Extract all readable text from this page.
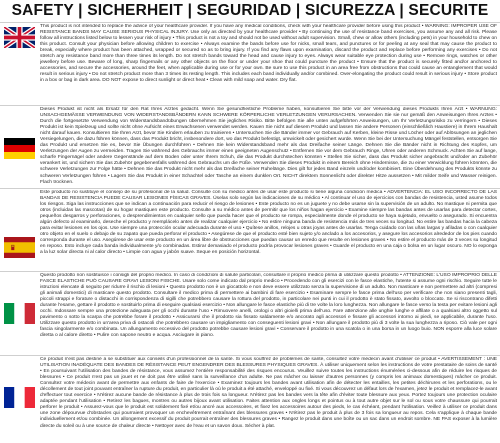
SAFETY | SICHERHEIT | SEGURIDAD | SICUREZZA | SECURITE
This product is not intended to replace the advice of your healthcare provider. If you have any medical conditions, check with your healthcare provider before using this product • WARNING: IMPROPER USE OF RESISTANCE BANDS MAY CAUSE SERIOUS PHYSICAL INJURY. Use only as directed by your healthcare provider • By continuing the use of resistance band exercises, you assume any and all risk. Please follow all instructions listed below to lessen your risk of injury • This product is not a toy and should not be used without adult supervision. Small, chew or allow others (including pets) in your household to chew on this product. Consult your physician before allowing children to exercise • Always examine the bands before use for nicks, small tears, and punctures or for peeling at any seal that may cause the product to break, especially where product has been attached, wrapped or secured so as to bring injury. If you find any flaws upon examination, discard the product and replace before performing any exercises • Do not stretch any resistance band more than three times its length. Do not stretch bands toward the head and cause injury to eyes. Always wear suitable eye protection during use • Remove rings, watches or other jewellery before use. Beware of long, sharp fingernails or any other objects on the floor or under your shoe that could puncture the product • Ensure that the product is securely fitted and/or anchored to accessories, and secure the accessories, around the feet, when applicable during use or for your own. Be sure to use this product in an area free from obstructions that could cause an entanglement that would result in serious injury • Do not stretch product more than 3 times its resting length. This includes each band individually and/or combined. Over-elongating the product could result in serious injury • Store product in a box or bag in dark area. DO NOT expose to direct sunlight or direct heat • Clean with mild soap and water. Dry flat.
Dieses Produkt ist nicht als Ersatz für den Rat Ihres Arztes gedacht. Wenn Sie gesundheitliche Probleme haben, konsultieren Sie bitte vor der Verwendung dieses Produkts Ihren Arzt • WARNUNG: UNSACHGEMÄSSE VERWENDUNG VON WIDERSTANDSBÄNDERN KANN SCHWERE KÖRPERLICHE VERLETZUNGEN VERURSACHEN. Verwenden Sie sie nur gemäß den Anweisungen Ihres Arztes • Durch die fortgesetzte Verwendung von Widerstandsbandübungen übernehmen Sie jegliches Risiko. Bitte befolgen Sie alle unten aufgeführten Anweisungen, um Ihr Verletzungsrisiko zu verringern • Dieses Produkt ist kein Spielzeug und sollte nicht ohne Aufsicht eines Erwachsenen verwendet werden. Kauen Sie nicht auf diesem Produkt und lassen Sie andere Personen (einschließlich Haustiere) in Ihrem Haushalt nicht darauf kauen. Konsultieren Sie Ihren Arzt, bevor Sie Kindern erlauben zu trainieren • Untersuchen Sie die Bänder immer vor Gebrauch auf Kerben, kleine Risse und Löcher oder auf Ablösungen an jeglichen Versiegelungen, die dazu führen können, dass das Produkt bricht, insbesondere dort, wo das Produkt befestigt, umwickelt oder gesichert wurde. Wenn Sie bei der Untersuchung Mängel feststellen, entsorgen Sie das Produkt und ersetzen Sie es, bevor Sie Übungen durchführen • Dehnen Sie kein Widerstandsband mehr als das Dreifache seiner Länge. Dehnen Sie die Bänder nicht in Richtung des Kopfes, um Verletzungen der Augen zu vermeiden. Tragen Sie während des Gebrauchs immer einen geeigneten Augenschutz • Entfernen Sie vor dem Gebrauch Ringe, Uhren oder anderen Schmuck. Achten Sie auf lange, scharfe Fingernägel oder andere Gegenstände auf dem Boden oder unter Ihrem Schuh, die das Produkt durchstechen könnten • Stellen Sie sicher, dass das Produkt sicher angebracht und/oder an Zubehör verankert ist, und sichern Sie das Zubehör gegebenenfalls während des Gebrauchs um die Füße. Verwenden Sie dieses Produkt in einem Bereich ohne Hindernisse, die zu einer Verwicklung führen könnten, die schwere Verletzungen zur Folge hätte • Dehnen Sie das Produkt nicht mehr als das Dreifache seiner Ruhelänge. Dies gilt für jedes Band einzeln und/oder kombiniert. Eine Überdehnung des Produkts könnte zu schweren Verletzungen führen • Lagern Sie das Produkt in einer Schachtel oder Tasche an einem dunklen Ort. NICHT direktem Sonnenlicht oder direkter Hitze aussetzen • Mit milder Seife und Wasser reinigen. Flach trocknen.
Este producto no sustituye el consejo de su profesional de la salud. Consulte con su médico antes de usar este producto si tiene alguna condición médica • ADVERTENCIA: EL USO INCORRECTO DE LAS BANDAS DE RESISTENCIA PUEDE CAUSAR LESIONES FÍSICAS GRAVES. Úselas solo según las indicaciones de su médico • Al continuar el uso de ejercicios con bandas de resistencia, usted asume todos los riesgos. Siga las instrucciones que se indican a continuación para reducir el riesgo de lesiones • Este producto no es un juguete y no debe usarse sin la supervisión de un adulto. No mastique ni permita que otros (incluidas las mascotas) de su hogar mastiquen este producto. Consulte a su médico antes de permitir que los niños hagan ejercicio • Examine siempre las bandas antes de usarlas para detectar cortes, pequeños desgarros y perforaciones, o desprendimientos en cualquier sello que pueda hacer que el producto se rompa, especialmente donde el producto se haya sujetado, envuelto o asegurado. Si encuentra algún defecto al examinarlo, deseche el producto y reemplácelo antes de realizar cualquier ejercicio • No estire ninguna banda de resistencia más de tres veces su longitud. No estire las bandas hacia la cabeza para evitar lesiones en los ojos. Use siempre una protección ocular adecuada durante el uso • Quítese anillos, relojes u otras joyas antes de usarlas. Tenga cuidado con las uñas largas y afiladas o con cualquier otro objeto en el suelo o debajo de su zapato que pueda perforar el producto • Asegúrese de que el producto esté bien sujeto y/o anclado a los accesorios, y asegure los accesorios alrededor de los pies cuando corresponda durante el uso. Asegúrese de usar este producto en un área libre de obstrucciones que puedan causar un enredo que resulte en lesiones graves • No estire el producto más de 3 veces su longitud en reposo. Esto incluye cada banda individualmente y/o combinadas. Estirar demasiado el producto podría provocar lesiones graves • Guarde el producto en una caja o bolsa en un lugar oscuro. NO lo exponga a la luz solar directa ni al calor directo • Limpie con agua y jabón suave. Seque en posición horizontal.
Questo prodotto non sostituisce i consigli del proprio medico. In caso di condizioni di salute particolari, consultare il proprio medico prima di utilizzare questo prodotto • ATTENZIONE: L'USO IMPROPRIO DELLE FASCE ELASTICHE PUÒ CAUSARE GRAVI LESIONI FISICHE. Usare solo come indicato dal proprio medico • Procedendo con gli esercizi con le fasce elastiche, l'utente si assume ogni rischio. Seguire tutte le istruzioni elencate di seguito per ridurre il rischio di lesioni • Questo prodotto non è un giocattolo e non deve essere utilizzato senza la supervisione di un adulto. Non masticare e non permettere ad altri (compresi gli animali domestici) di masticare questo prodotto. Consultare il medico prima di permettere ai bambini di fare esercizio • Esaminare sempre le fasce prima dell'uso per verificare che non siano presenti tagli, piccoli strappi e forature o distacchi in corrispondenza di sigilli che potrebbero causare la rottura del prodotto, in particolare nei punti in cui il prodotto è stato fissato, avvolto o bloccato. Se si riscontrano difetti durante l'esame, gettare il prodotto e sostituirlo prima di eseguire qualsiasi esercizio • Non allungare le fasce elastiche più di tre volte la loro lunghezza. Non allungare le fasce verso la testa per evitare lesioni agli occhi. Indossare sempre una protezione adeguata per gli occhi durante l'uso • Rimuovere anelli, orologi o altri gioielli prima dell'uso. Fare attenzione alle unghie lunghe e affilate o a qualsiasi altro oggetto sul pavimento o sotto la scarpa che potrebbe forare il prodotto • Assicurarsi che il prodotto sia fissato saldamente e/o ancorato agli accessori e fissare gli accessori intorno ai piedi, se applicabile, durante l'uso. Utilizzare questo prodotto in un'area priva di ostacoli che potrebbero causare un impigliamento con conseguenti lesioni gravi • Non allungare il prodotto più di 3 volte la sua lunghezza a riposo. Ciò vale per ogni fascia singolarmente e/o combinata. Un allungamento eccessivo del prodotto potrebbe causare lesioni gravi • Conservare il prodotto in una scatola o in una borsa in un luogo buio. NON esporre alla luce solare diretta o al calore diretto • Pulire con sapone neutro e acqua. Asciugare in piano.
Ce produit n'est pas destiné à se substituer aux conseils d'un professionnel de la santé. Si vous souffrez de problèmes de santé, consultez votre médecin avant d'utiliser ce produit • AVERTISSEMENT : UNE UTILISATION INADÉQUATE DES BANDES DE RÉSISTANCE PEUT ENGENDRER DES BLESSURES PHYSIQUES GRAVES. À utiliser uniquement selon les instructions de votre prestataire de soins de santé • En poursuivant l'utilisation des bandes de résistance, vous assumez l'entière responsabilité des risques encourus. Veuillez suivre toutes les instructions énumérées ci-dessous afin de réduire les risques de blessures • Ce produit n'est pas un jouet et ne doit pas être utilisé sans la surveillance d'un adulte. Ne pas mâcher ou laisser d'autres personnes (y compris les animaux domestiques) mâcher ce produit. Consultez votre médecin avant de permettre aux enfants de faire de l'exercice • Examinez toujours les bandes avant utilisation afin de détecter les entailles, les petites déchirures et les perforations, ou le décollement de tout joint pouvant entraîner la rupture du produit, en particulier là où le produit a été attaché, enveloppé ou fixé. Si vous découvrez un défaut lors de l'examen, jetez le produit et remplacez-le avant d'effectuer tout exercice • N'étirez aucune bande de résistance à plus de trois fois sa longueur. N'étirez pas les bandes vers la tête afin d'éviter toute blessure aux yeux. Portez toujours une protection oculaire adaptée pendant l'utilisation • Retirez les bagues, montres ou autres bijoux avant utilisation. Faites attention aux ongles longs et pointus ou à tout autre objet sur le sol ou sous votre chaussure qui pourrait perforer le produit • Assurez-vous que le produit est solidement fixé et/ou ancré aux accessoires, et fixez les accessoires autour des pieds, le cas échéant, pendant l'utilisation. Veillez à utiliser ce produit dans une zone dépourvue d'obstacles qui pourraient provoquer un enchevêtrement entraînant des blessures graves • N'étirez pas le produit à plus de 3 fois sa longueur au repos. Cela s'applique à chaque bande individuellement et/ou combinée. Un allongement excessif du produit pourrait entraîner des blessures graves • Rangez le produit dans une boîte ou un sac dans un endroit sombre. NE PAS exposer à la lumière directe du soleil ou à une source de chaleur directe • Nettoyer avec de l'eau et un savon doux. Sécher à plat.
